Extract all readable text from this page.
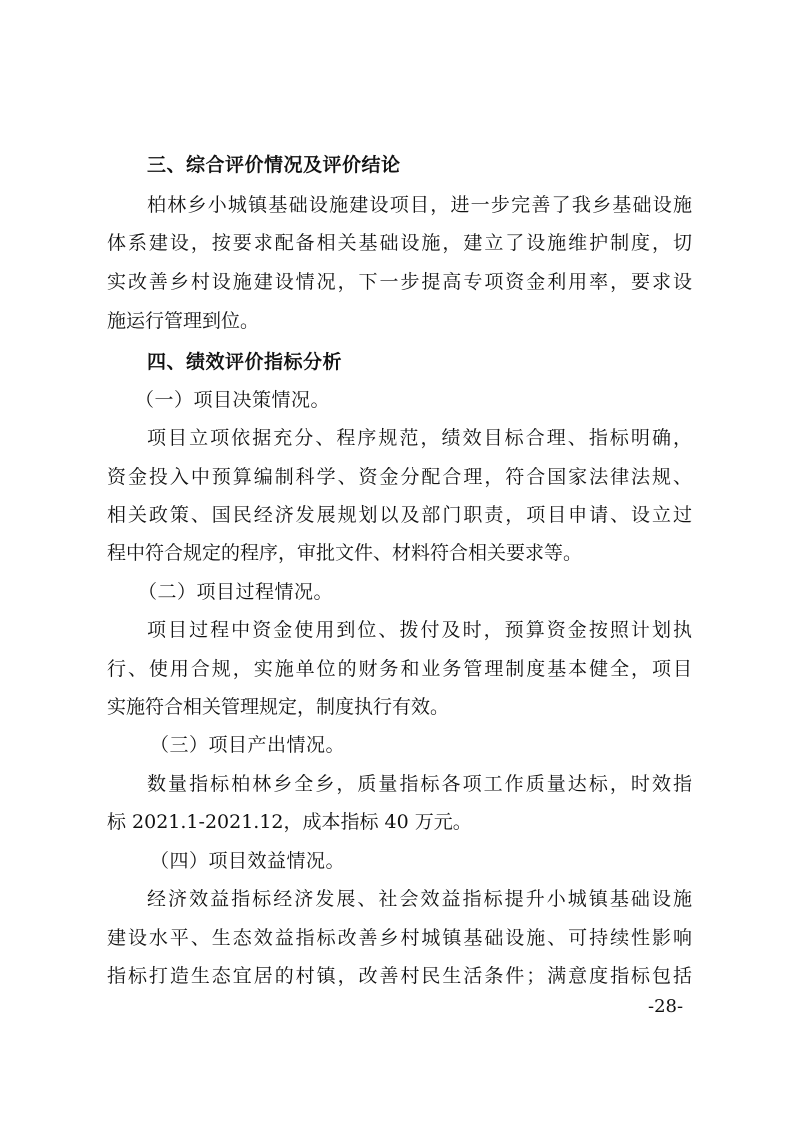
三、综合评价情况及评价结论
柏林乡小城镇基础设施建设项目，进一步完善了我乡基础设施
体系建设，按要求配备相关基础设施，建立了设施维护制度，切
实改善乡村设施建设情况，下一步提高专项资金利用率，要求设
施运行管理到位。
四、绩效评价指标分析
（一）项目决策情况。
项目立项依据充分、程序规范，绩效目标合理、指标明确，
资金投入中预算编制科学、资金分配合理，符合国家法律法规、
相关政策、国民经济发展规划以及部门职责，项目申请、设立过
程中符合规定的程序，审批文件、材料符合相关要求等。
（二）项目过程情况。
项目过程中资金使用到位、拨付及时，预算资金按照计划执
行、使用合规，实施单位的财务和业务管理制度基本健全，项目
实施符合相关管理规定，制度执行有效。
（三）项目产出情况。
数量指标柏林乡全乡，质量指标各项工作质量达标，时效指
标 2021.1-2021.12，成本指标 40 万元。
（四）项目效益情况。
经济效益指标经济发展、社会效益指标提升小城镇基础设施
建设水平、生态效益指标改善乡村城镇基础设施、可持续性影响
指标打造生态宜居的村镇，改善村民生活条件；满意度指标包括
-28-
